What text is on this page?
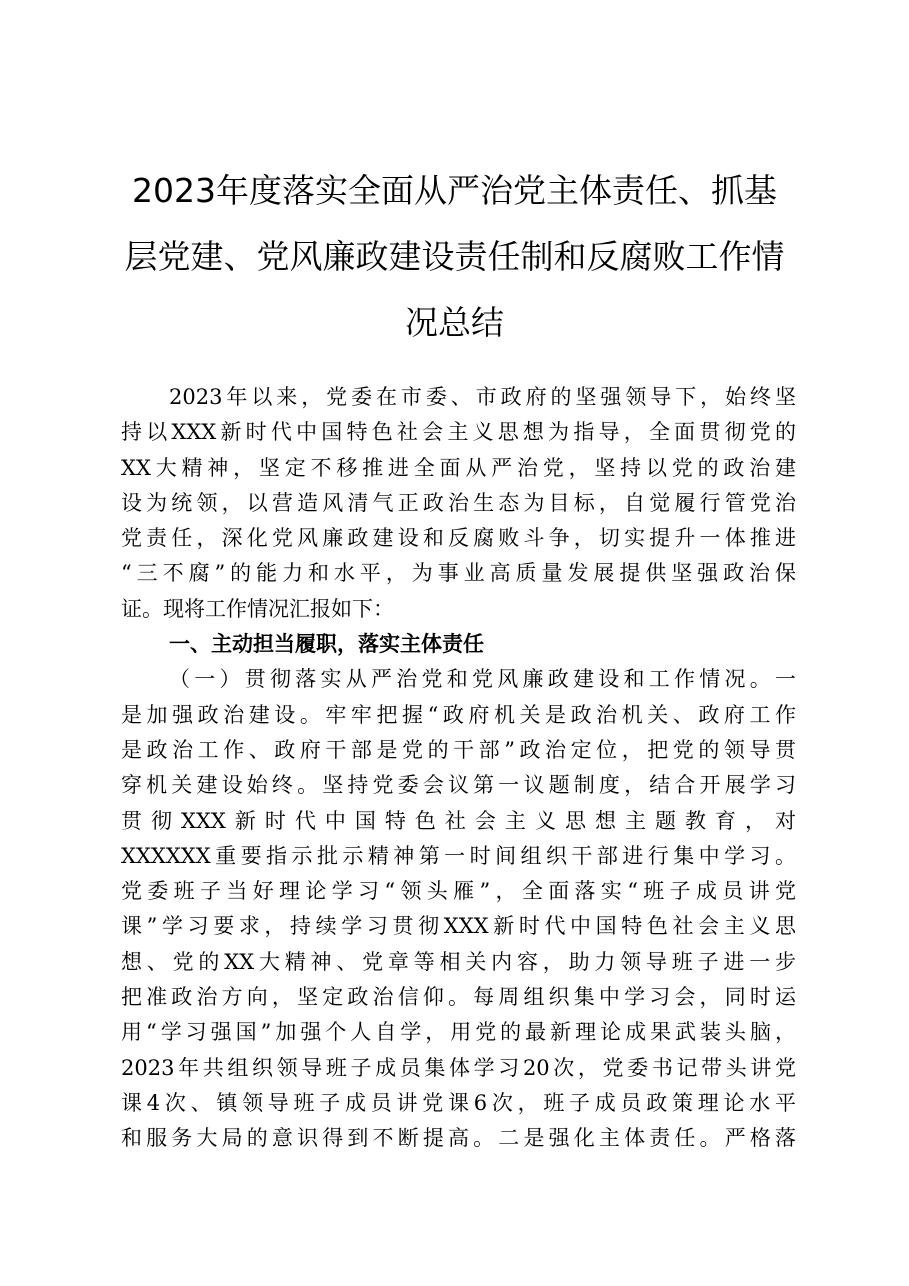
2023年度落实全面从严治党主体责任、抓基
层党建、党风廉政建设责任制和反腐败工作情
况总结
2023年以来，党委在市委、市政府的坚强领导下，始终坚
持以XXX新时代中国特色社会主义思想为指导，全面贯彻党的
XX大精神，坚定不移推进全面从严治党，坚持以党的政治建
设为统领，以营造风清气正政治生态为目标，自觉履行管党治
党责任，深化党风廉政建设和反腐败斗争，切实提升一体推进
“三不腐”的能力和水平，为事业高质量发展提供坚强政治保
证。现将工作情况汇报如下：
一、主动担当履职，落实主体责任
（一）贯彻落实从严治党和党风廉政建设和工作情况。一
是加强政治建设。牢牢把握“政府机关是政治机关、政府工作
是政治工作、政府干部是党的干部”政治定位，把党的领导贯
穿机关建设始终。坚持党委会议第一议题制度，结合开展学习
贯彻XXX新时代中国特色社会主义思想主题教育，对
XXXXXX重要指示批示精神第一时间组织干部进行集中学习。
党委班子当好理论学习“领头雁”，全面落实“班子成员讲党
课”学习要求，持续学习贯彻XXX新时代中国特色社会主义思
想、党的XX大精神、党章等相关内容，助力领导班子进一步
把准政治方向，坚定政治信仰。每周组织集中学习会，同时运
用“学习强国”加强个人自学，用党的最新理论成果武装头脑，
2023年共组织领导班子成员集体学习20次，党委书记带头讲党
课4次、镇领导班子成员讲党课6次，班子成员政策理论水平
和服务大局的意识得到不断提高。二是强化主体责任。严格落
